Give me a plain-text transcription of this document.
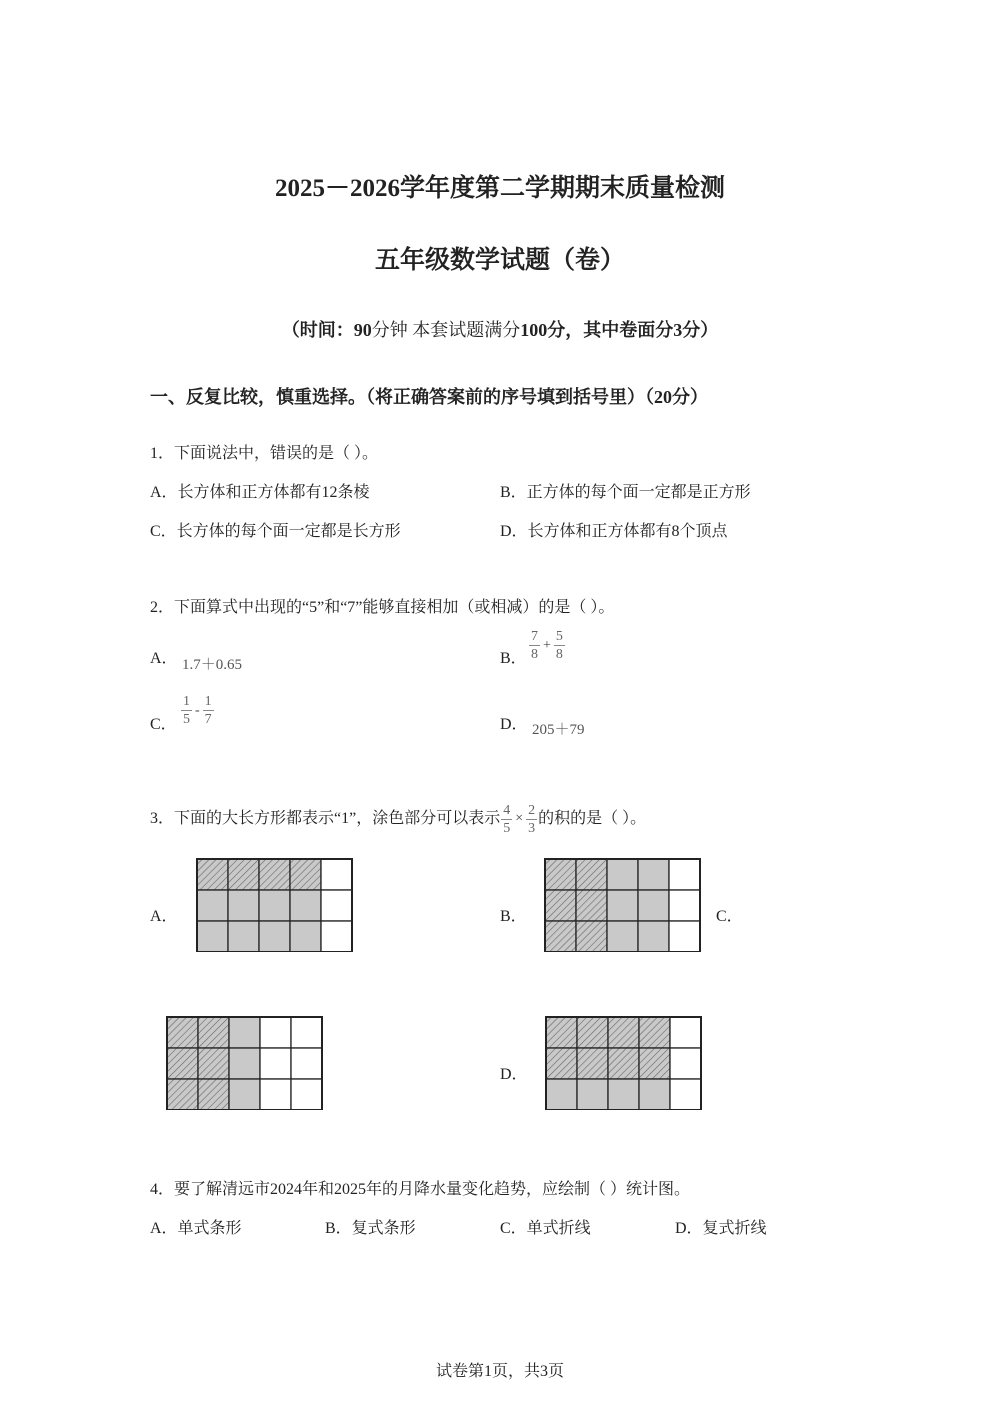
2025－2026学年度第二学期期末质量检测
五年级数学试题（卷）
（时间：90分钟 本套试题满分100分，其中卷面分3分）
一、反复比较，慎重选择。（将正确答案前的序号填到括号里）（20分）
1．下面说法中，错误的是（ ）。
A．长方体和正方体都有12条棱	B．正方体的每个面一定都是正方形
C．长方体的每个面一定都是长方形	D．长方体和正方体都有8个顶点
2．下面算式中出现的“5”和“7”能够直接相加（或相减）的是（ ）。
A． 1.7＋0.65	B． $\frac{7}{8} + \frac{5}{8}$
C． $\frac{1}{5} - \frac{1}{7}$	D． 205＋79
3．下面的大长方形都表示“1”，涂色部分可以表示 $\frac{4}{5} \times \frac{2}{3}$ 的积的是（ ）。
A．	B．	C．
D．
4．要了解清远市2024年和2025年的月降水量变化趋势，应绘制（ ）统计图。
A．单式条形	B．复式条形	C．单式折线	D．复式折线
试卷第1页，共3页
